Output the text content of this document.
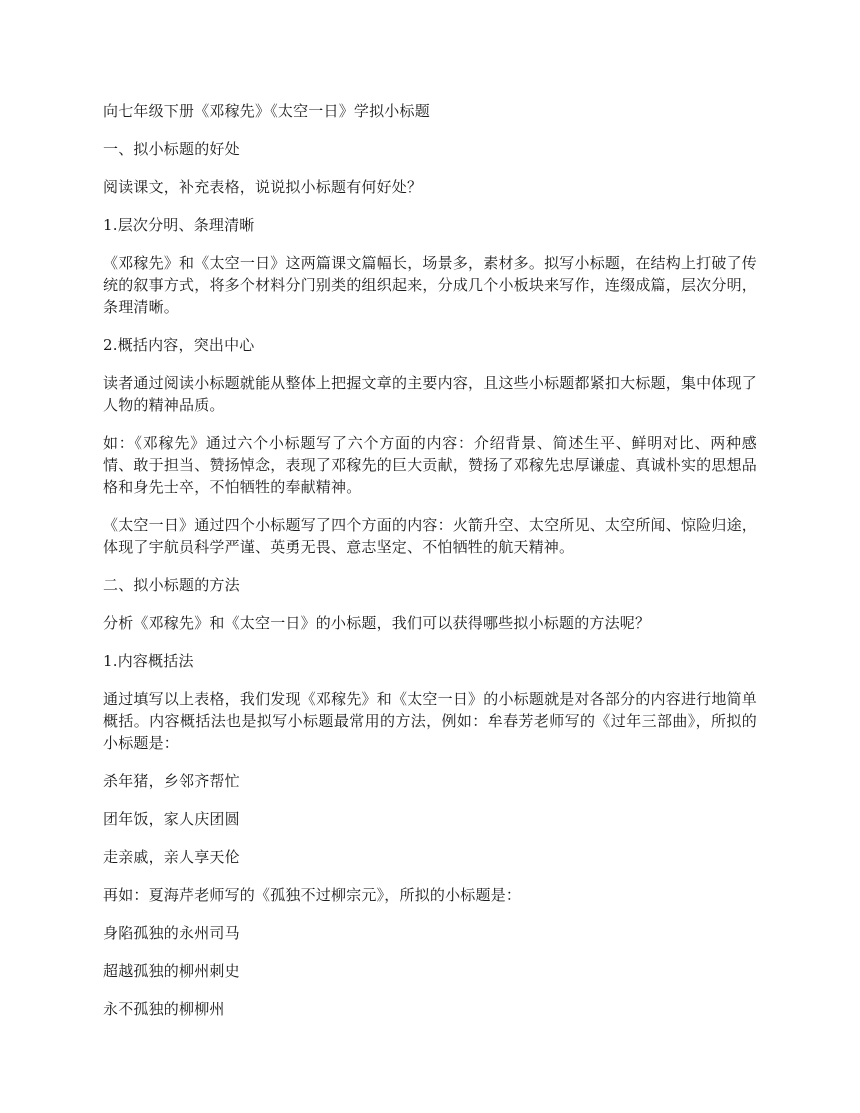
向七年级下册《邓稼先》《太空一日》学拟小标题

一、拟小标题的好处

阅读课文，补充表格，说说拟小标题有何好处？

1.层次分明、条理清晰

《邓稼先》和《太空一日》这两篇课文篇幅长，场景多，素材多。拟写小标题，在结构上打破了传统的叙事方式，将多个材料分门别类的组织起来，分成几个小板块来写作，连缀成篇，层次分明，条理清晰。

2.概括内容，突出中心

读者通过阅读小标题就能从整体上把握文章的主要内容，且这些小标题都紧扣大标题，集中体现了人物的精神品质。

如：《邓稼先》通过六个小标题写了六个方面的内容：介绍背景、简述生平、鲜明对比、两种感情、敢于担当、赞扬悼念，表现了邓稼先的巨大贡献，赞扬了邓稼先忠厚谦虚、真诚朴实的思想品格和身先士卒，不怕牺牲的奉献精神。

《太空一日》通过四个小标题写了四个方面的内容：火箭升空、太空所见、太空所闻、惊险归途，体现了宇航员科学严谨、英勇无畏、意志坚定、不怕牺牲的航天精神。

二、拟小标题的方法

分析《邓稼先》和《太空一日》的小标题，我们可以获得哪些拟小标题的方法呢？

1.内容概括法

通过填写以上表格，我们发现《邓稼先》和《太空一日》的小标题就是对各部分的内容进行地简单概括。内容概括法也是拟写小标题最常用的方法，例如：牟春芳老师写的《过年三部曲》，所拟的小标题是：

杀年猪，乡邻齐帮忙

团年饭，家人庆团圆

走亲戚，亲人享天伦

再如：夏海芹老师写的《孤独不过柳宗元》，所拟的小标题是：

身陷孤独的永州司马

超越孤独的柳州刺史

永不孤独的柳柳州
